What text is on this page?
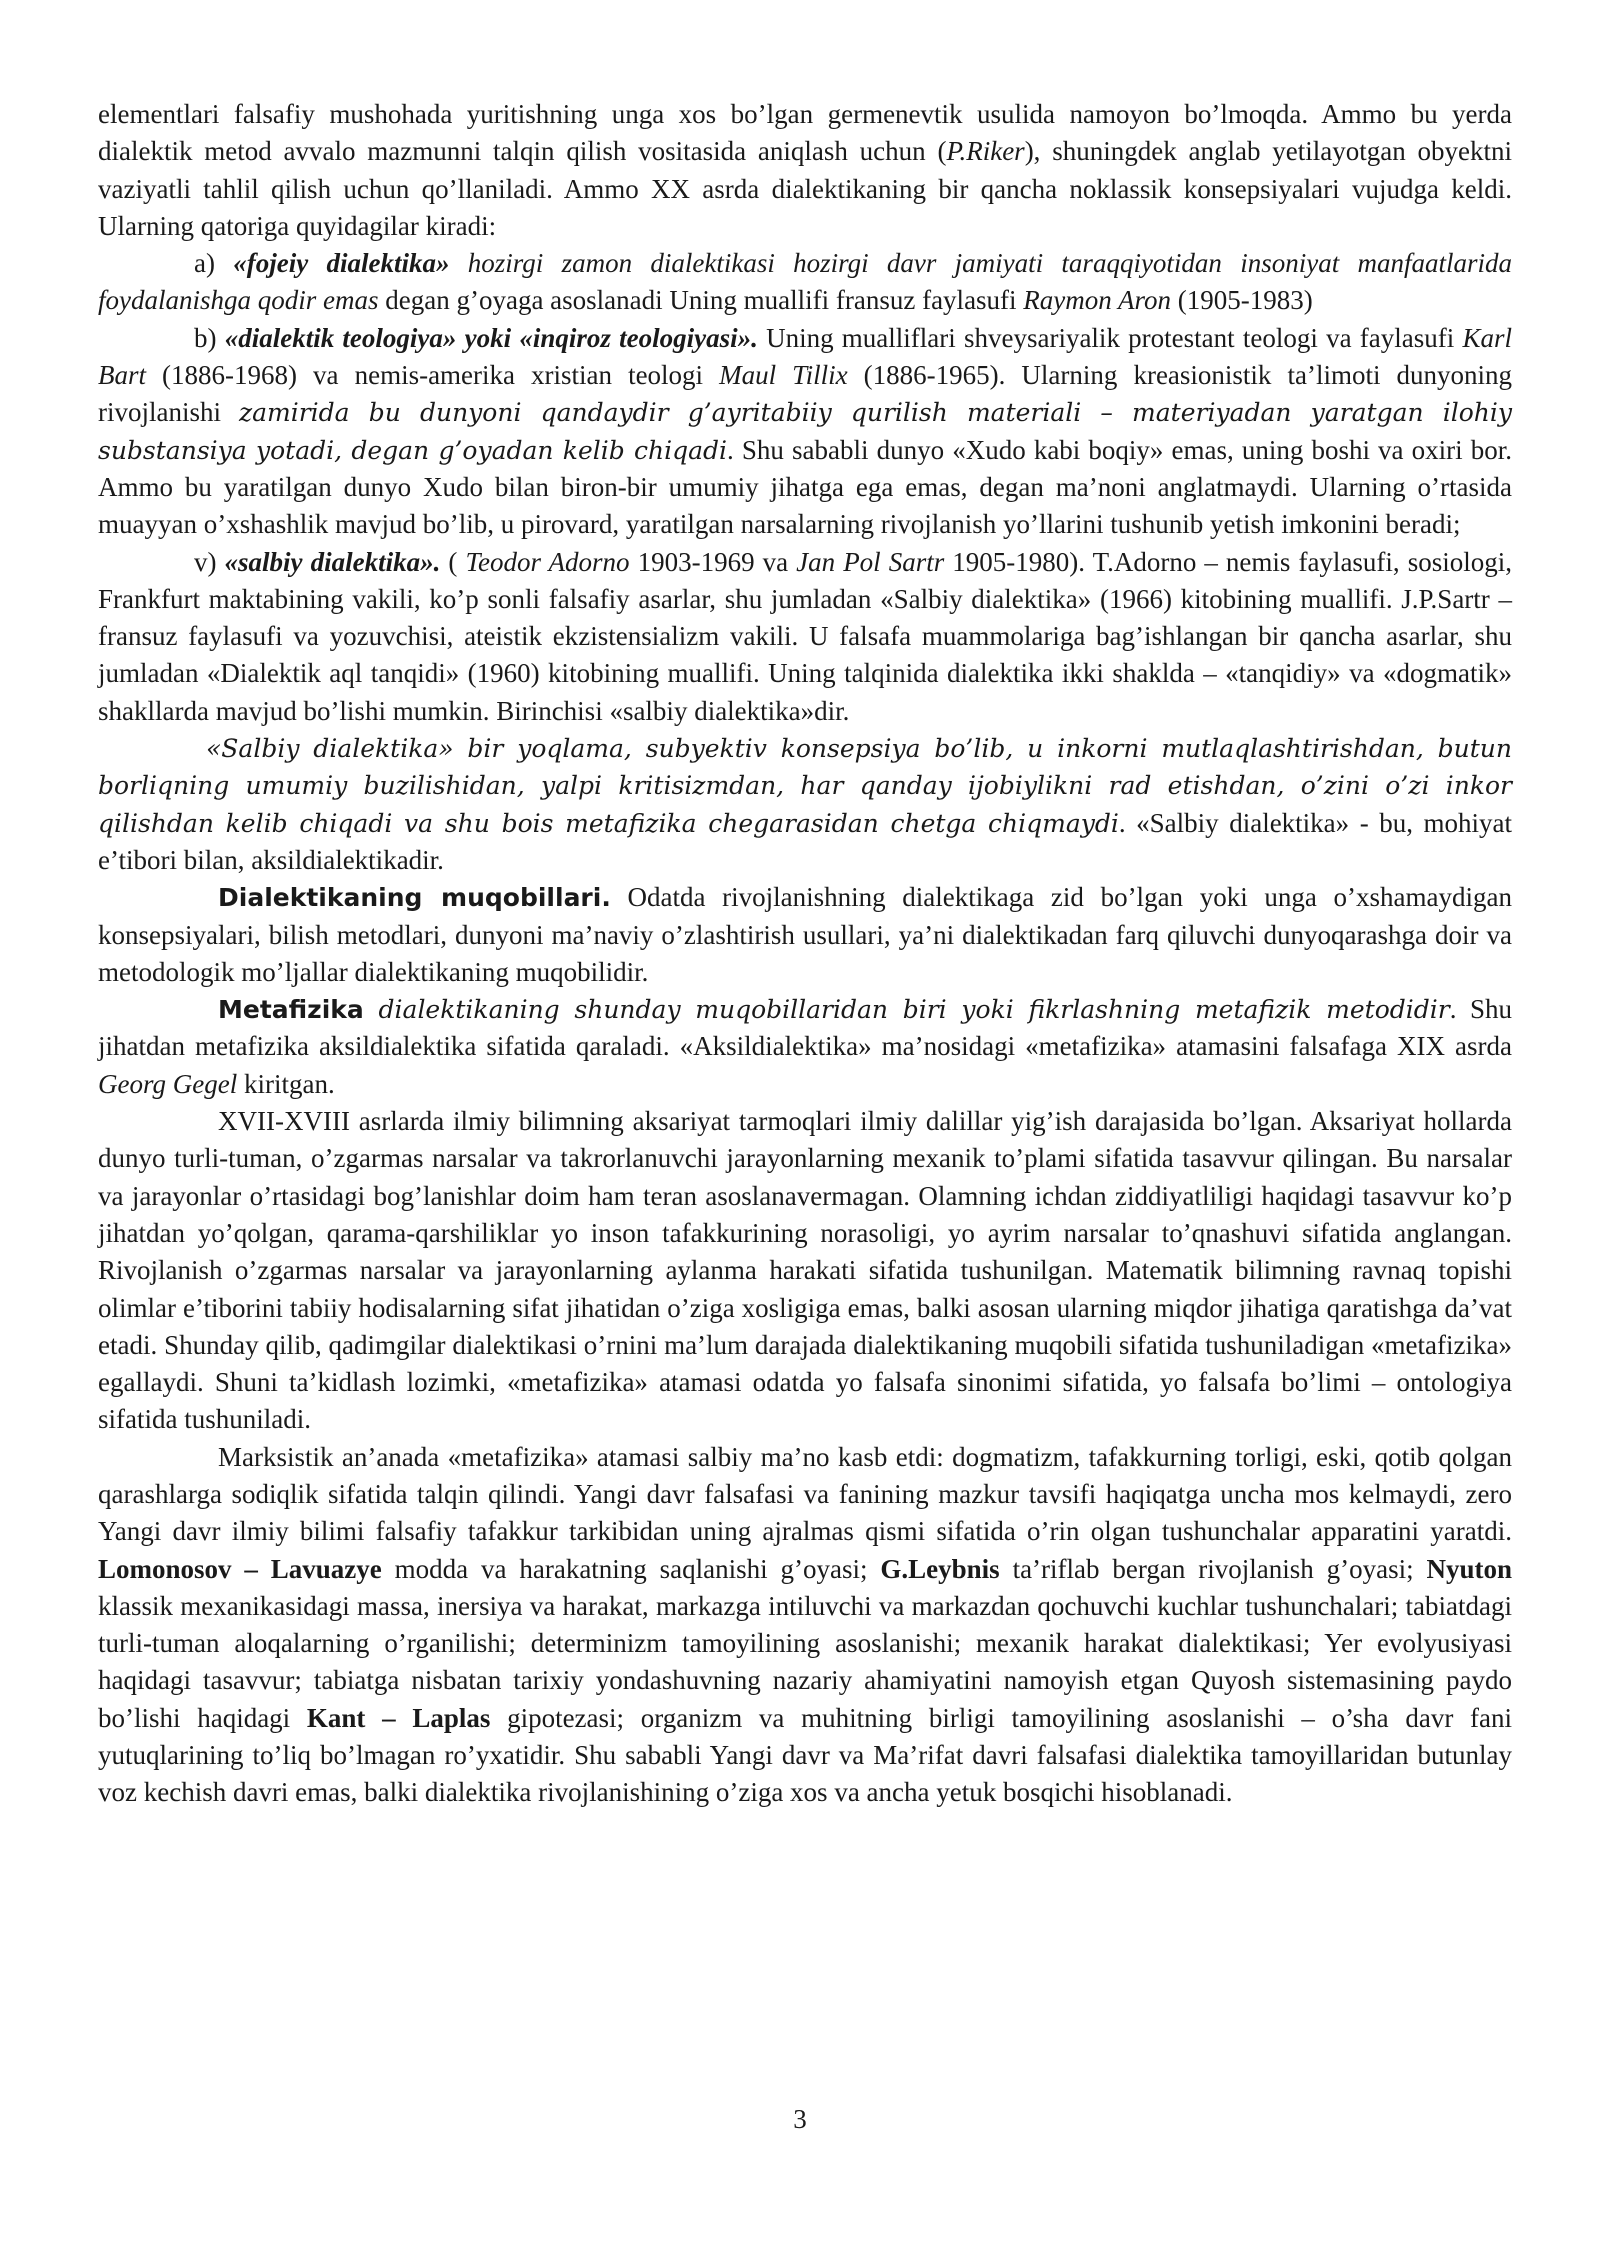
elementlari falsafiy mushohada yuritishning unga xos bo’lgan germenevtik usulida namoyon bo’lmoqda. Ammo bu yerda dialektik metod avvalo mazmunni talqin qilish vositasida aniqlash uchun (P.Riker), shuningdek anglab yetilayotgan obyektni vaziyatli tahlil qilish uchun qo’llaniladi. Ammo XX asrda dialektikaning bir qancha noklassik konsepsiyalari vujudga keldi. Ularning qatoriga quyidagilar kiradi:

a) «fojeiy dialektika» hozirgi zamon dialektikasi hozirgi davr jamiyati taraqqiyotidan insoniyat manfaatlarida foydalanishga qodir emas degan g’oyaga asoslanadi Uning muallifi fransuz faylasufi Raymon Aron (1905-1983)

b) «dialektik teologiya» yoki «inqiroz teologiyasi». Uning mualliflari shveysariyalik protestant teologi va faylasufi Karl Bart (1886-1968) va nemis-amerika xristian teologi Maul Tillix (1886-1965). Ularning kreasionistik ta’limoti dunyoning rivojlanishi zamirida bu dunyoni qandaydir g’ayritabiiy qurilish materiali – materiyadan yaratgan ilohiy substansiya yotadi, degan g’oyadan kelib chiqadi. Shu sababli dunyo «Xudo kabi boqiy» emas, uning boshi va oxiri bor. Ammo bu yaratilgan dunyo Xudo bilan biron-bir umumiy jihatga ega emas, degan ma’noni anglatmaydi. Ularning o’rtasida muayyan o’xshashlik mavjud bo’lib, u pirovard, yaratilgan narsalarning rivojlanish yo’llarini tushunib yetish imkonini beradi;

v) «salbiy dialektika». ( Teodor Adorno 1903-1969 va Jan Pol Sartr 1905-1980). T.Adorno – nemis faylasufi, sosiologi, Frankfurt maktabining vakili, ko’p sonli falsafiy asarlar, shu jumladan «Salbiy dialektika» (1966) kitobining muallifi. J.P.Sartr – fransuz faylasufi va yozuvchisi, ateistik ekzistensializm vakili. U falsafa muammolariga bag’ishlangan bir qancha asarlar, shu jumladan «Dialektik aql tanqidi» (1960) kitobining muallifi. Uning talqinida dialektika ikki shaklda – «tanqidiy» va «dogmatik» shakllarda mavjud bo’lishi mumkin. Birinchisi «salbiy dialektika»dir.

«Salbiy dialektika» bir yoqlama, subyektiv konsepsiya bo’lib, u inkorni mutlaqlashtirishdan, butun borliqning umumiy buzilishidan, yalpi kritisizmdan, har qanday ijobiylikni rad etishdan, o’zini o’zi inkor qilishdan kelib chiqadi va shu bois metafizika chegarasidan chetga chiqmaydi. «Salbiy dialektika» - bu, mohiyat e’tibori bilan, aksildialektikadir.

Dialektikaning muqobillari. Odatda rivojlanishning dialektikaga zid bo’lgan yoki unga o’xshamaydigan konsepsiyalari, bilish metodlari, dunyoni ma’naviy o’zlashtirish usullari, ya’ni dialektikadan farq qiluvchi dunyoqarashga doir va metodologik mo’ljallar dialektikaning muqobilidir.

Metafizika dialektikaning shunday muqobillaridan biri yoki fikrlashning metafizik metodidir. Shu jihatdan metafizika aksildialektika sifatida qaraladi. «Aksildialektika» ma’nosidagi «metafizika» atamasini falsafaga XIX asrda Georg Gegel kiritgan.

XVII-XVIII asrlarda ilmiy bilimning aksariyat tarmoqlari ilmiy dalillar yig’ish darajasida bo’lgan. Aksariyat hollarda dunyo turli-tuman, o’zgarmas narsalar va takrorlanuvchi jarayonlarning mexanik to’plami sifatida tasavvur qilingan. Bu narsalar va jarayonlar o’rtasidagi bog’lanishlar doim ham teran asoslanavermagan. Olamning ichdan ziddiyatliligi haqidagi tasavvur ko’p jihatdan yo’qolgan, qarama-qarshiliklar yo inson tafakkurining norasoligi, yo ayrim narsalar to’qnashuvi sifatida anglangan. Rivojlanish o’zgarmas narsalar va jarayonlarning aylanma harakati sifatida tushunilgan. Matematik bilimning ravnaq topishi olimlar e’tiborini tabiiy hodisalarning sifat jihatidan o’ziga xosligiga emas, balki asosan ularning miqdor jihatiga qaratishga da’vat etadi. Shunday qilib, qadimgilar dialektikasi o’rnini ma’lum darajada dialektikaning muqobili sifatida tushuniladigan «metafizika» egallaydi. Shuni ta’kidlash lozimki, «metafizika» atamasi odatda yo falsafa sinonimi sifatida, yo falsafa bo’limi – ontologiya sifatida tushuniladi.

Marksistik an’anada «metafizika» atamasi salbiy ma’no kasb etdi: dogmatizm, tafakkurning torligi, eski, qotib qolgan qarashlarga sodiqlik sifatida talqin qilindi. Yangi davr falsafasi va fanining mazkur tavsifi haqiqatga uncha mos kelmaydi, zero Yangi davr ilmiy bilimi falsafiy tafakkur tarkibidan uning ajralmas qismi sifatida o’rin olgan tushunchalar apparatini yaratdi. Lomonosov – Lavuazye modda va harakatning saqlanishi g’oyasi; G.Leybnis ta’riflab bergan rivojlanish g’oyasi; Nyuton klassik mexanikasidagi massa, inersiya va harakat, markazga intiluvchi va markazdan qochuvchi kuchlar tushunchalari; tabiatdagi turli-tuman aloqalarning o’rganilishi; determinizm tamoyilining asoslanishi; mexanik harakat dialektikasi; Yer evolyusiyasi haqidagi tasavvur; tabiatga nisbatan tarixiy yondashuvning nazariy ahamiyatini namoyish etgan Quyosh sistemasining paydo bo’lishi haqidagi Kant – Laplas gipotezasi; organizm va muhitning birligi tamoyilining asoslanishi – o’sha davr fani yutuqlarining to’liq bo’lmagan ro’yxatidir. Shu sababli Yangi davr va Ma’rifat davri falsafasi dialektika tamoyillaridan butunlay voz kechish davri emas, balki dialektika rivojlanishining o’ziga xos va ancha yetuk bosqichi hisoblanadi.

3
